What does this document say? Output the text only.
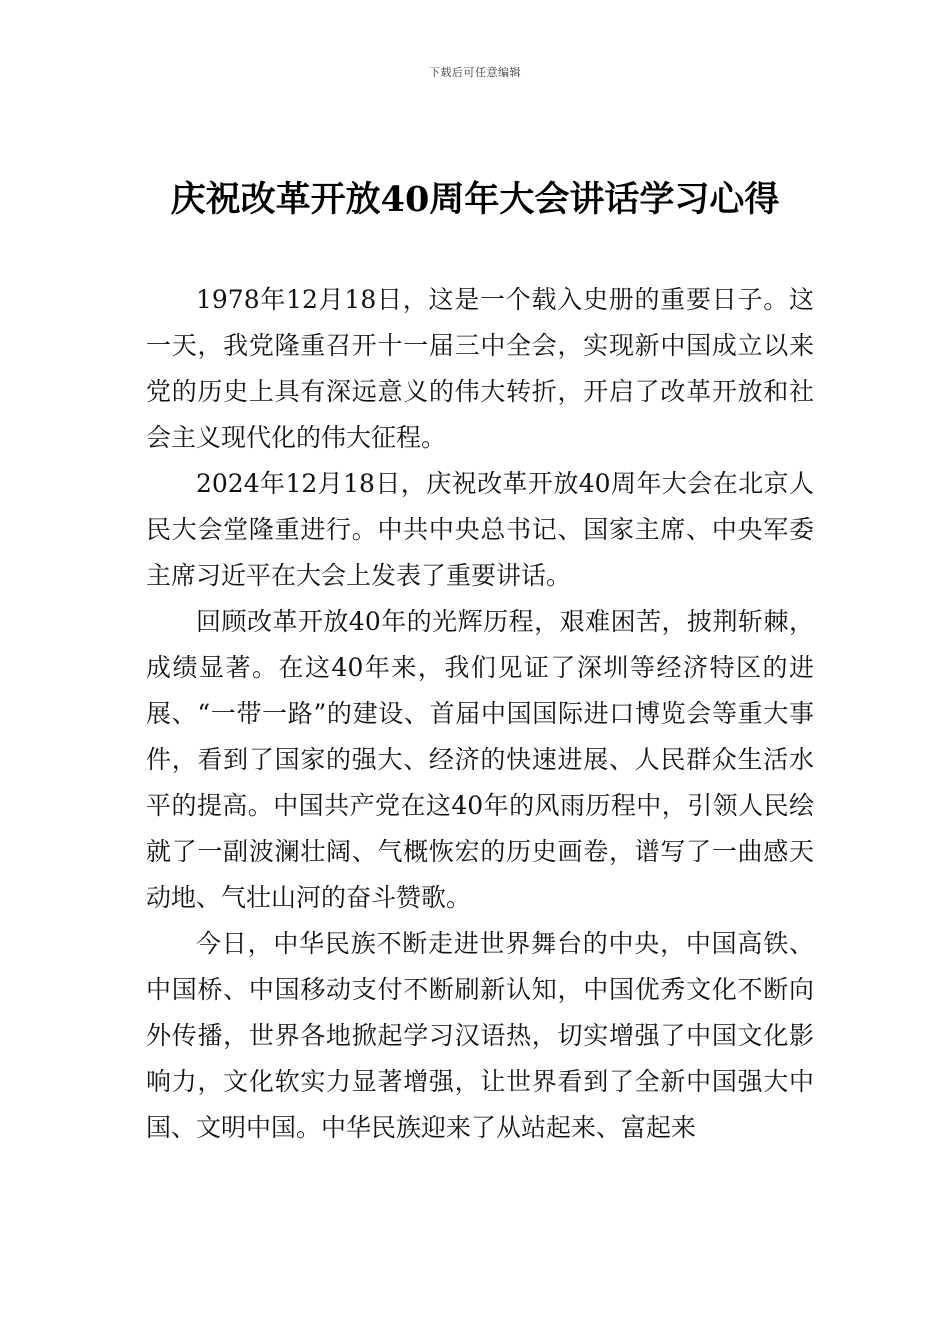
下载后可任意编辑
庆祝改革开放40周年大会讲话学习心得

1978年12月18日，这是一个载入史册的重要日子。这一天，我党隆重召开十一届三中全会，实现新中国成立以来党的历史上具有深远意义的伟大转折，开启了改革开放和社会主义现代化的伟大征程。

2024年12月18日，庆祝改革开放40周年大会在北京人民大会堂隆重进行。中共中央总书记、国家主席、中央军委主席习近平在大会上发表了重要讲话。

回顾改革开放40年的光辉历程，艰难困苦，披荆斩棘，成绩显著。在这40年来，我们见证了深圳等经济特区的进展、“一带一路”的建设、首届中国国际进口博览会等重大事件，看到了国家的强大、经济的快速进展、人民群众生活水平的提高。中国共产党在这40年的风雨历程中，引领人民绘就了一副波澜壮阔、气概恢宏的历史画卷，谱写了一曲感天动地、气壮山河的奋斗赞歌。

今日，中华民族不断走进世界舞台的中央，中国高铁、中国桥、中国移动支付不断刷新认知，中国优秀文化不断向外传播，世界各地掀起学习汉语热，切实增强了中国文化影响力，文化软实力显著增强，让世界看到了全新中国强大中国、文明中国。中华民族迎来了从站起来、富起来
